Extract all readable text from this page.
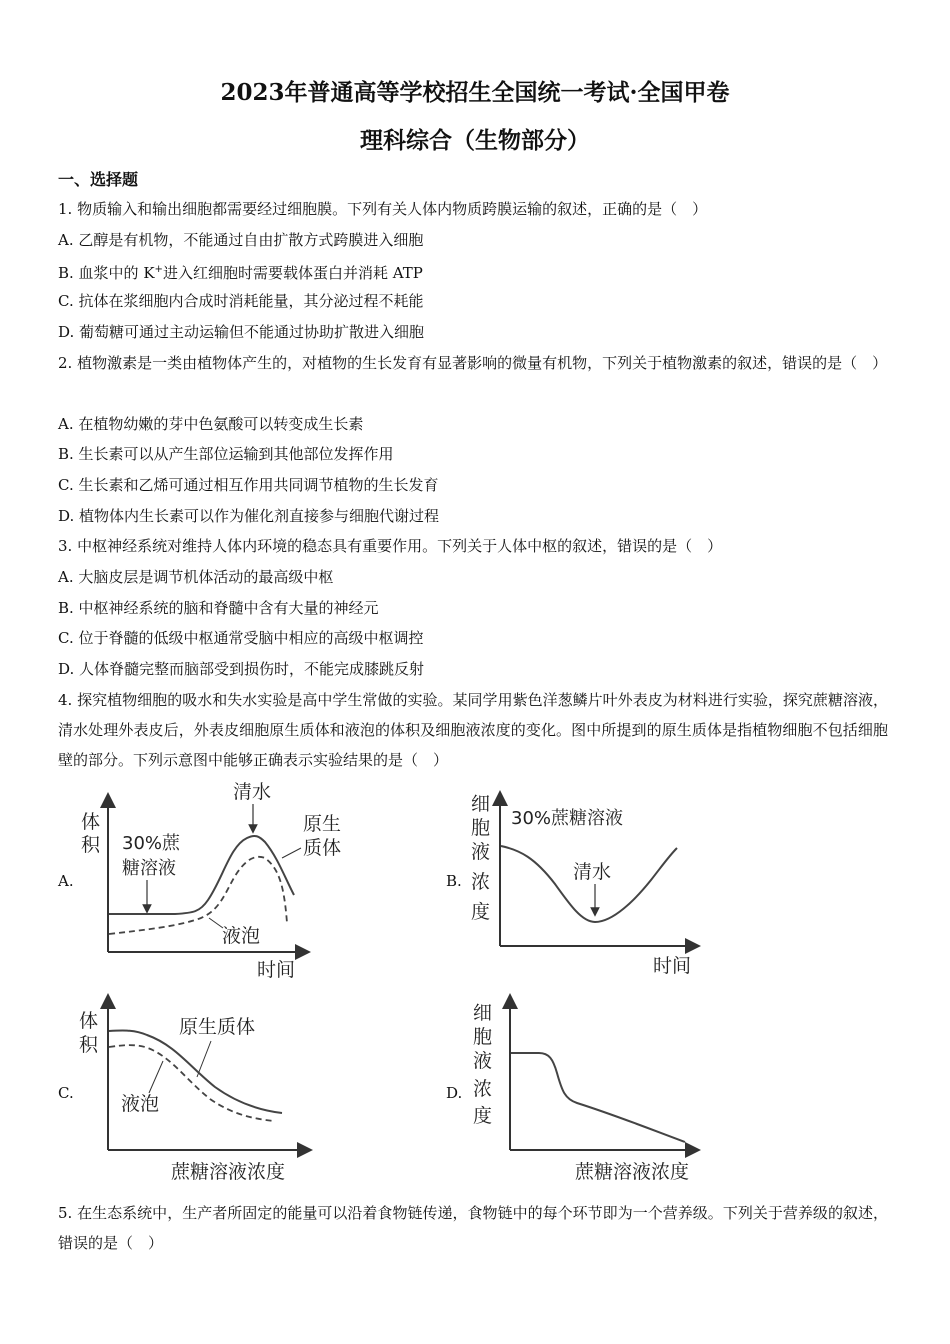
2023年普通高等学校招生全国统一考试·全国甲卷
理科综合（生物部分）
一、选择题
1. 物质输入和输出细胞都需要经过细胞膜。下列有关人体内物质跨膜运输的叙述，正确的是（　）
A. 乙醇是有机物，不能通过自由扩散方式跨膜进入细胞
B. 血浆中的 K+进入红细胞时需要载体蛋白并消耗 ATP
C. 抗体在浆细胞内合成时消耗能量，其分泌过程不耗能
D. 葡萄糖可通过主动运输但不能通过协助扩散进入细胞
2. 植物激素是一类由植物体产生的，对植物的生长发育有显著影响的微量有机物，下列关于植物激素的叙述，错误的是（　）
A. 在植物幼嫩的芽中色氨酸可以转变成生长素
B. 生长素可以从产生部位运输到其他部位发挥作用
C. 生长素和乙烯可通过相互作用共同调节植物的生长发育
D. 植物体内生长素可以作为催化剂直接参与细胞代谢过程
3. 中枢神经系统对维持人体内环境的稳态具有重要作用。下列关于人体中枢的叙述，错误的是（　）
A. 大脑皮层是调节机体活动的最高级中枢
B. 中枢神经系统的脑和脊髓中含有大量的神经元
C. 位于脊髓的低级中枢通常受脑中相应的高级中枢调控
D. 人体脊髓完整而脑部受到损伤时，不能完成膝跳反射
4. 探究植物细胞的吸水和失水实验是高中学生常做的实验。某同学用紫色洋葱鳞片叶外表皮为材料进行实验，探究蔗糖溶液，清水处理外表皮后，外表皮细胞原生质体和液泡的体积及细胞液浓度的变化。图中所提到的原生质体是指植物细胞不包括细胞壁的部分。下列示意图中能够正确表示实验结果的是（　）
A.	B.
C.	D.
体
积
时间
30%蔗
糖溶液
清水
原生
质体
液泡
细
胞
液
浓
度
时间
30%蔗糖溶液
清水
体
积
蔗糖溶液浓度
原生质体
液泡
细
胞
液
浓
度
蔗糖溶液浓度
5. 在生态系统中，生产者所固定的能量可以沿着食物链传递，食物链中的每个环节即为一个营养级。下列关于营养级的叙述，错误的是（　）
